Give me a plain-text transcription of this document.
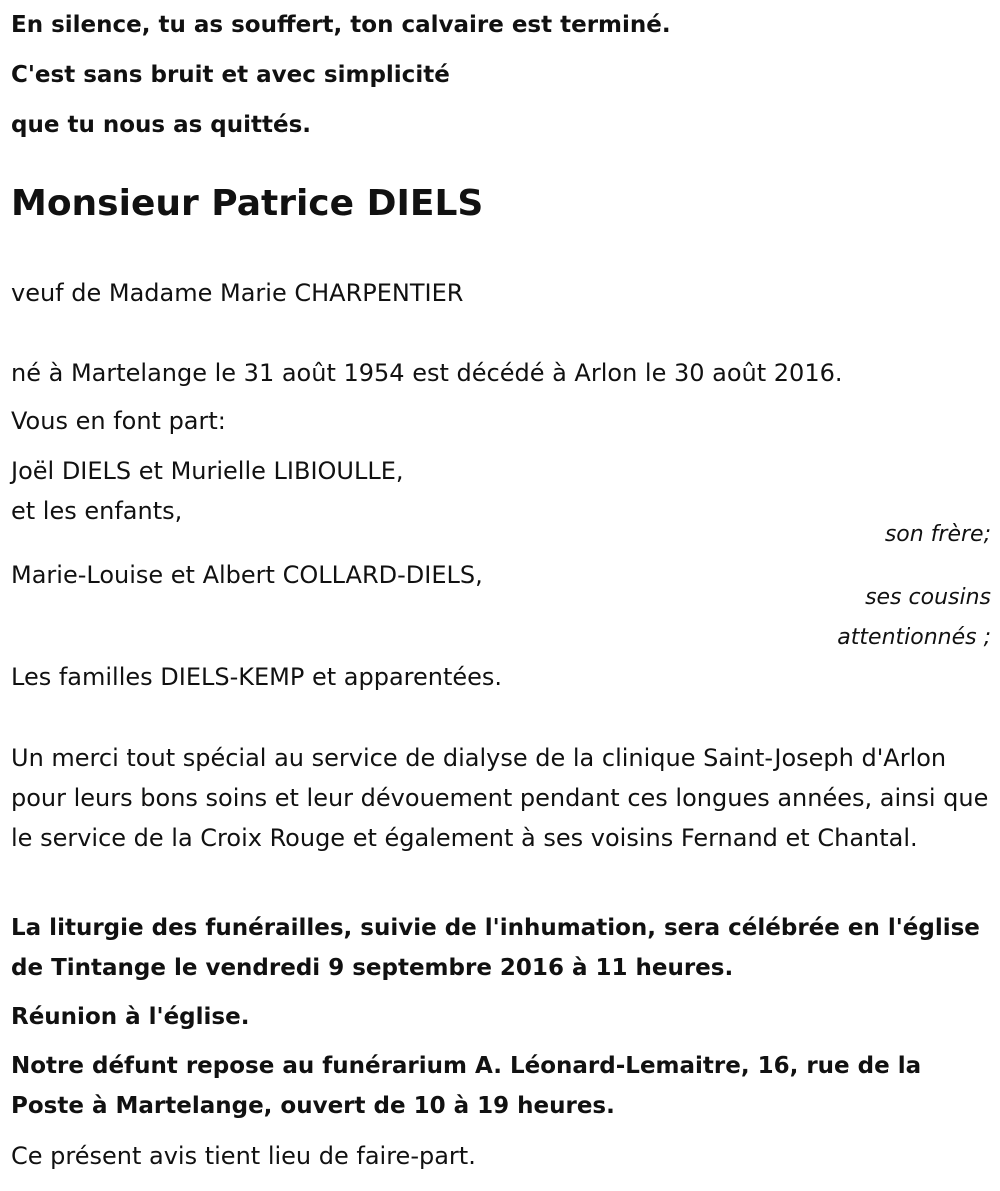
En silence, tu as souffert, ton calvaire est terminé.

C'est sans bruit et avec simplicité

que tu nous as quittés.

Monsieur Patrice DIELS

veuf de Madame Marie CHARPENTIER

né à Martelange le 31 août 1954 est décédé à Arlon le 30 août 2016.

Vous en font part:

Joël DIELS et Murielle LIBIOULLE,

et les enfants,

son frère;

Marie-Louise et Albert COLLARD-DIELS,

ses cousins

attentionnés ;

Les familles DIELS-KEMP et apparentées.

Un merci tout spécial au service de dialyse de la clinique Saint-Joseph d'Arlon pour leurs bons soins et leur dévouement pendant ces longues années, ainsi que le service de la Croix Rouge et également à ses voisins Fernand et Chantal.

La liturgie des funérailles, suivie de l'inhumation, sera célébrée en l'église de Tintange le vendredi 9 septembre 2016 à 11 heures.

Réunion à l'église.

Notre défunt repose au funérarium A. Léonard-Lemaitre, 16, rue de la Poste à Martelange, ouvert de 10 à 19 heures.

Ce présent avis tient lieu de faire-part.
